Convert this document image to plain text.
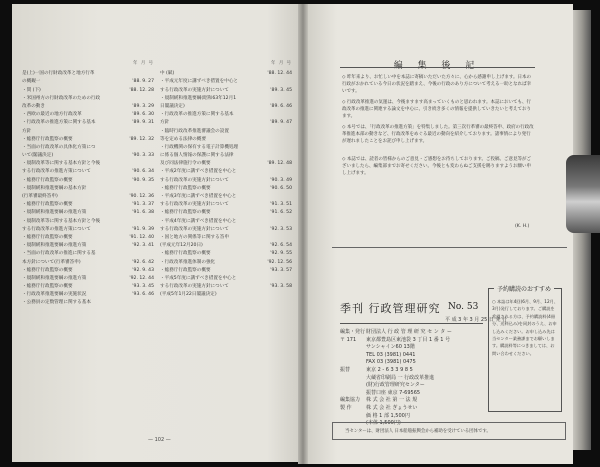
年 月 号
是(上)一国の行財政改革と地方行革
の概観一	'88. 9. 27
・問 (下)	'88. 12. 28
・米国州方の行財政改革のための行政
改革の動き	'89. 3. 29
・西欧の最近の地方行政改革	'89. 6. 30
・行政改革の推進方策に関する基本	'89. 9. 31
方針
・総務庁行政監察の概要	'89. 12. 32
・当面の行政改革の具体化方策につ
いて(閣議決定)	'90. 3. 33
・規制改革等に関する基本方針と今後
する行政改革の推進方策について	'90. 6. 34
・総務庁行政監察の概要	'90. 9. 35
・規制緩和推進要綱の基本方針
(行革審最終答申)	'90. 12. 36
・総務庁行政監察の概要	'91. 3. 37
・規制緩和推進要綱の推進方策	'91. 6. 38
・規制改革等に関する基本方針と今後
する行政改革の推進方策について	'91. 9. 39
・総務庁行政監察の概要	'91. 12. 40
・規制緩和推進要綱の推進方策	'92. 3. 41
・当面の行政改革の推進に関する基
本方針について(行革審答申)	'92. 6. 42
・総務庁行政監察の概要	'92. 9. 43
・規制緩和推進要綱の推進方策	'92. 12. 44
・総務庁行政監察の概要	'93. 3. 45
・行政改革推進要綱の実施状況	'93. 6. 46
・公務員の定数管理に関する基本
年 月 号
中 (賦)	'88. 12. 44
・平成元年度に講ずべき措置を中心と
する行政改革の実施方針について	'89. 3. 45
・規制緩和推進要綱(昭和63年12月1
日閣議決定)	'89. 6. 46
・行政改革の推進方策に関する基本
方針	'89. 9. 47
・臨時行政改革推進審議会の設置
等を定める法律の概要
・行政機関の保有する電子計算機処理
に係る個人情報の保護に関する法律
及び同法律施行令の概要	'89. 12. 48
・平成2年度に講ずべき措置を中心と
する行政改革の実施方針について	'90. 3. 49
・総務庁行政監察の概要	'90. 6. 50
・平成3年度に講ずべき措置を中心と
する行政改革の実施方針について	'91. 3. 51
・総務庁行政監察の概要	'91. 6. 52
・平成4年度に講ずべき措置を中心と
する行政改革の実施方針について	'92. 3. 53
・国と地方の関係等に関する答申
(平成元年12月20日)	'92. 6. 54
・総務庁行政監察の概要	'92. 9. 55
・行政改革推進体制の強化	'92. 12. 56
・総務庁行政監察の概要	'93. 3. 57
・平成5年度に講ずべき措置を中心と
する行政改革の実施方針について	'93. 3. 58
(平成5年1月22日閣議決定)
— 102 —
編 集 後 記
◇ 昨年来より、お忙しい中を本誌に寄稿いただいた方々に、心から感謝申し上げます。日本の行政がおかれている今日の状況を踏まえ、今後の行政のあり方について考える一助となれば幸いです。
◇ 行政改革推進の気運は、今後ますます高まっていくものと思われます。本誌においても、行政改革の推進に関連する論文を中心に、引き続き多くの情報を提供していきたいと考えております。
◇ 本号では、「行政改革の推進方策」を特集しました。第三次行革審の最終答申、政府の行政改革推進本部の動きなど、行政改革をめぐる最近の動向を紹介しております。諸事情により発行が遅れましたことをお詫び申し上げます。
◇ 本誌では、読者の皆様からのご意見・ご感想をお待ちしております。ご投稿、ご意見等がございましたら、編集部までお寄せください。今後とも変わらぬご支援を賜りますようお願い申し上げます。
(K. H.)
季刊 行政管理研究 No. 53
平 成 3 年 3 月 25 日 発 行
編集・発行財団法人 行 政 管 理 研 究 セ ン タ ー
〒 171 東京都豊島区東池袋 3 丁目 1 番 1 号
サンシャイン60 13階
TEL 03 (3981) 0441
FAX 03 (3981) 0475
振替	東京 2 - 6 3 3 9 8 5
大蔵省印刷局 一 行政改革推進
(財)行政管理研究センター
振替口座 東京 7-69565
編集協力 株 式 会 社 第 一 法 規
製 作	株 式 会 社 ぎょうせい
価 格 1 部 1,500円
(本体 1,500円)
予約購読のおすすめ
○ 本誌は年4回(6月、9月、12月、3月)発行しております。ご購読を希望される方は、予約購読料(4冊分、送料込み)を同封のうえ、お申し込みください。お申し込み先は当センター業務課までお願いします。購読料等につきましては、お問い合わせください。
当センターは、財団法人 日本船舶振興会から補助を受けている団体です。
